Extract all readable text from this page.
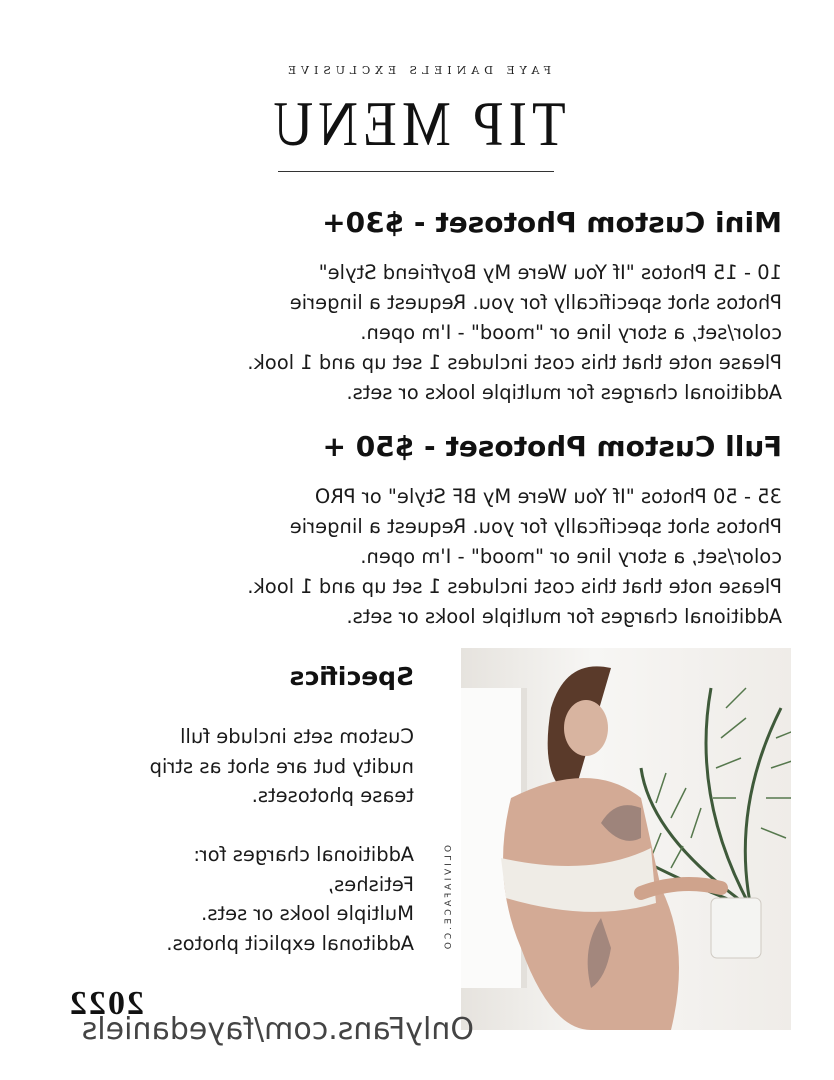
FAYE DANIELS EXCLUSIVE
TIP MENU
Mini Custom Photoset - $30+
10 - 15 Photos "If You Were My Boyfriend Style"
Photos shot specifically for you. Request a lingerie
color/set, a story line or "mood" - I'm open.
Please note that this cost includes 1 set up and 1 look.
Additional charges for multiple looks or sets.
Full Custom Photoset - $50 +
35 - 50 Photos "If You Were My BF Style" or PRO
Photos shot specifically for you. Request a lingerie
color/set, a story line or "mood" - I'm open.
Please note that this cost includes 1 set up and 1 look.
Additional charges for multiple looks or sets.
Specifics
Custom sets include full
nudity but are shot as strip
tease photosets.

Additional charges for:
Fetishes,
Multiple looks or sets.
Additonal explicit photos.	OLIVIAFACE.CO
2022
OnlyFans.com/fayedaniels
